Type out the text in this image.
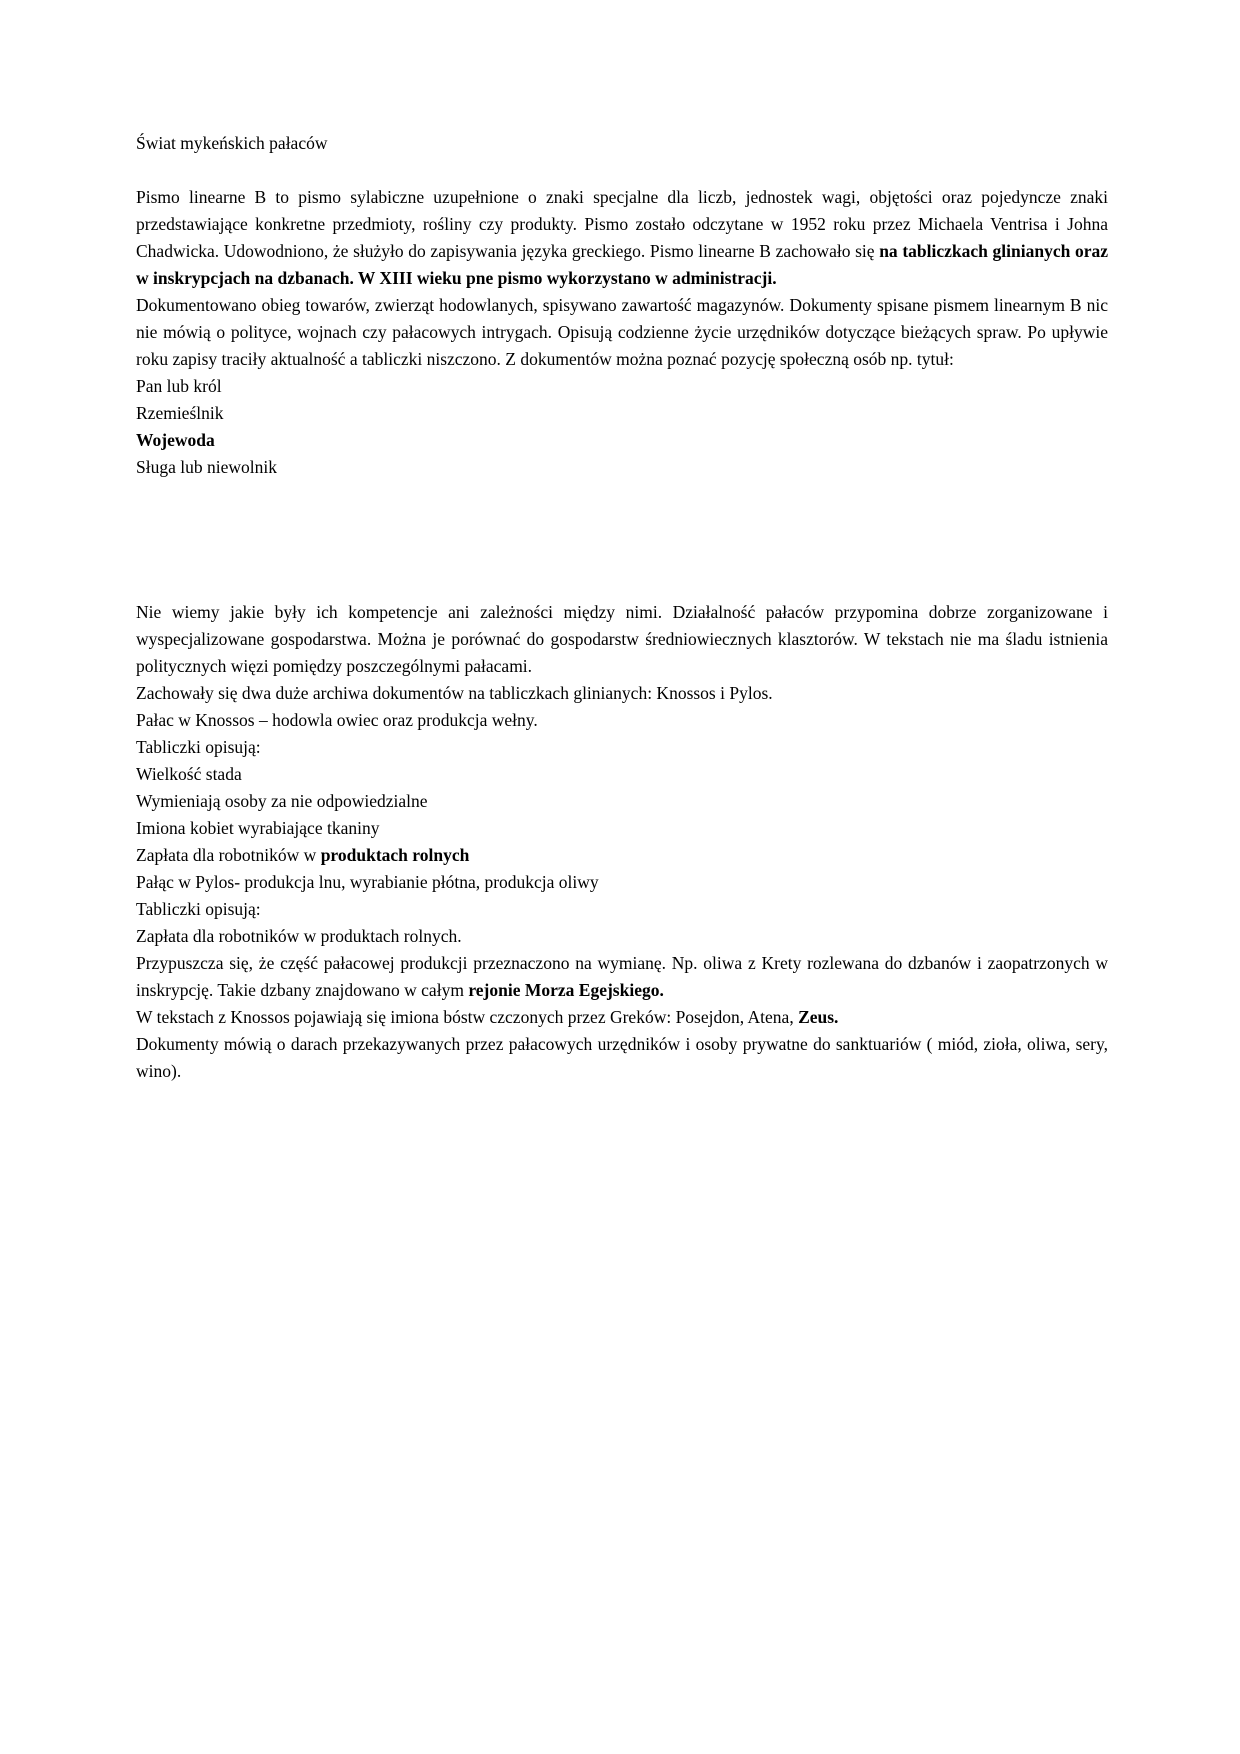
Świat mykeńskich pałaców
Pismo linearne B to pismo sylabiczne uzupełnione o znaki specjalne dla liczb, jednostek wagi, objętości oraz pojedyncze znaki przedstawiające konkretne przedmioty, rośliny czy produkty. Pismo zostało odczytane w 1952 roku przez Michaela Ventrisa i Johna Chadwicka. Udowodniono, że służyło do zapisywania języka greckiego. Pismo linearne B zachowało się na tabliczkach glinianych oraz w inskrypcjach na dzbanach. W XIII wieku pne pismo wykorzystano w administracji.
Dokumentowano obieg towarów, zwierząt hodowlanych, spisywano zawartość magazynów. Dokumenty spisane pismem linearnym B nic nie mówią o polityce, wojnach czy pałacowych intrygach. Opisują codzienne życie urzędników dotyczące bieżących spraw. Po upływie roku zapisy traciły aktualność a tabliczki niszczono. Z dokumentów można poznać pozycję społeczną osób np. tytuł:
Pan lub król
Rzemieślnik
Wojewoda
Sługa lub niewolnik
Nie wiemy jakie były ich kompetencje ani zależności między nimi. Działalność pałaców przypomina dobrze zorganizowane i wyspecjalizowane gospodarstwa. Można je porównać do gospodarstw średniowiecznych klasztorów. W tekstach nie ma śladu istnienia politycznych więzi pomiędzy poszczególnymi pałacami.
Zachowały się dwa duże archiwa dokumentów na tabliczkach glinianych: Knossos i Pylos.
Pałac w Knossos – hodowla owiec oraz produkcja wełny.
Tabliczki opisują:
Wielkość stada
Wymieniają osoby za nie odpowiedzialne
Imiona kobiet wyrabiające tkaniny
Zapłata dla robotników w produktach rolnych
Pałąc w Pylos- produkcja lnu, wyrabianie płótna, produkcja oliwy
Tabliczki opisują:
Zapłata dla robotników w produktach rolnych.
Przypuszcza się, że część pałacowej produkcji przeznaczono na wymianę. Np. oliwa z Krety rozlewana do dzbanów i zaopatrzonych w inskrypcję. Takie dzbany znajdowano w całym rejonie Morza Egejskiego.
W tekstach z Knossos pojawiają się imiona bóstw czczonych przez Greków: Posejdon, Atena, Zeus.
Dokumenty mówią o darach przekazywanych przez pałacowych urzędników i osoby prywatne do sanktuariów ( miód, zioła, oliwa, sery, wino).
